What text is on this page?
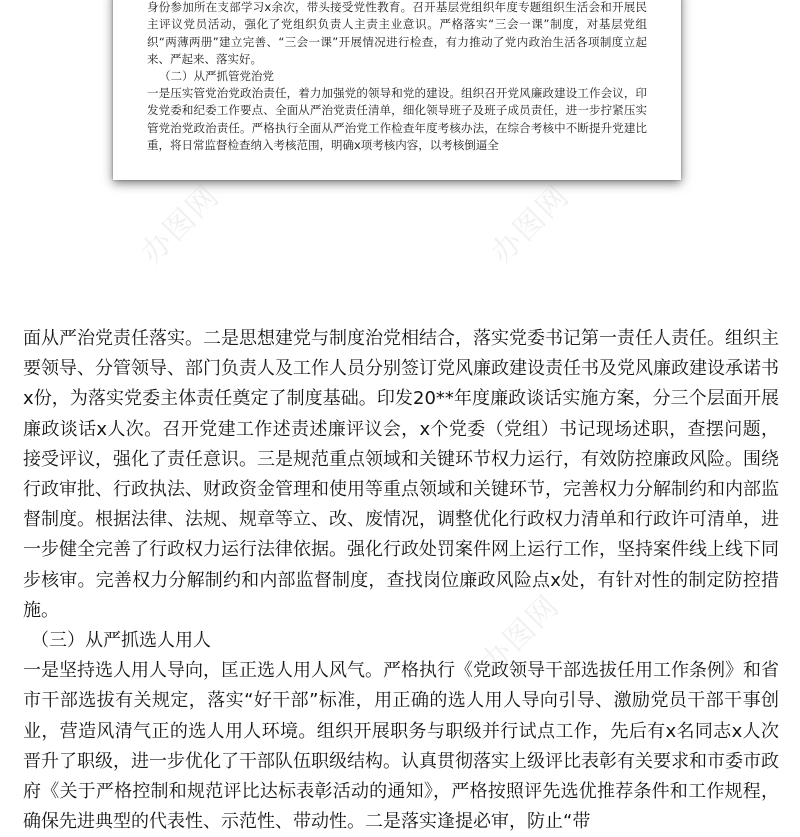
身份参加所在支部学习x余次，带头接受党性教育。召开基层党组织年度专题组织生活会和开展民主评议党员活动，强化了党组织负责人主责主业意识。严格落实“三会一课”制度，对基层党组织“两薄两册”建立完善、“三会一课”开展情况进行检查，有力推动了党内政治生活各项制度立起来、严起来、落实好。

（二）从严抓管党治党

一是压实管党治党政治责任，着力加强党的领导和党的建设。组织召开党风廉政建设工作会议，印发党委和纪委工作要点、全面从严治党责任清单，细化领导班子及班子成员责任，进一步拧紧压实管党治党政治责任。严格执行全面从严治党工作检查年度考核办法，在综合考核中不断提升党建比重，将日常监督检查纳入考核范围，明确x项考核内容，以考核倒逼全

办图网	办图网
办图网

面从严治党责任落实。二是思想建党与制度治党相结合，落实党委书记第一责任人责任。组织主要领导、分管领导、部门负责人及工作人员分别签订党风廉政建设责任书及党风廉政建设承诺书x份，为落实党委主体责任奠定了制度基础。印发20**年度廉政谈话实施方案，分三个层面开展廉政谈话x人次。召开党建工作述责述廉评议会，x个党委（党组）书记现场述职，查摆问题，接受评议，强化了责任意识。三是规范重点领域和关键环节权力运行，有效防控廉政风险。围绕行政审批、行政执法、财政资金管理和使用等重点领域和关键环节，完善权力分解制约和内部监督制度。根据法律、法规、规章等立、改、废情况，调整优化行政权力清单和行政许可清单，进一步健全完善了行政权力运行法律依据。强化行政处罚案件网上运行工作，坚持案件线上线下同步核审。完善权力分解制约和内部监督制度，查找岗位廉政风险点x处，有针对性的制定防控措施。

（三）从严抓选人用人

一是坚持选人用人导向，匡正选人用人风气。严格执行《党政领导干部选拔任用工作条例》和省市干部选拔有关规定，落实“好干部”标准，用正确的选人用人导向引导、激励党员干部干事创业，营造风清气正的选人用人环境。组织开展职务与职级并行试点工作，先后有x名同志x人次晋升了职级，进一步优化了干部队伍职级结构。认真贯彻落实上级评比表彰有关要求和市委市政府《关于严格控制和规范评比达标表彰活动的通知》，严格按照评先选优推荐条件和工作规程，确保先进典型的代表性、示范性、带动性。二是落实逢提必审，防止“带
